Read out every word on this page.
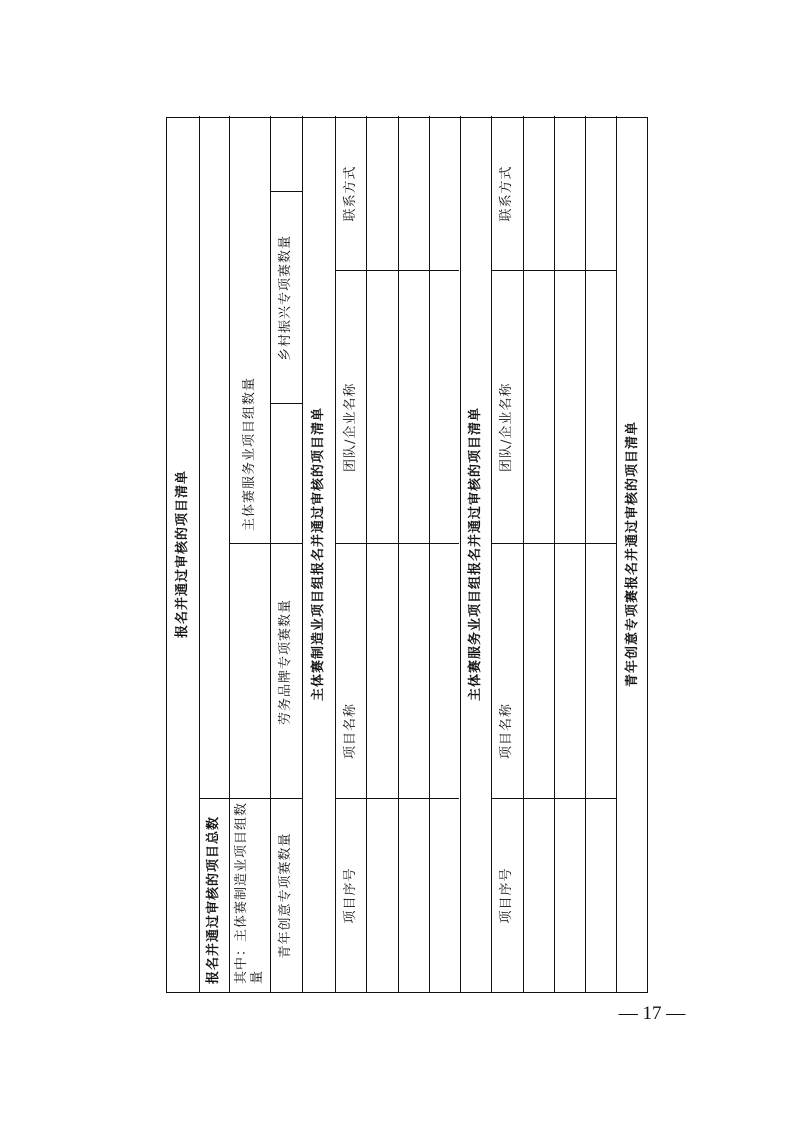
报名并通过审核的项目清单
报名并通过审核的项目总数 其中：主体赛制造业项目组数量
主体赛服务业项目组数量
青年创意专项赛数量
劳务品牌专项赛数量
乡村振兴专项赛数量
主体赛制造业项目组报名并通过审核的项目清单
项目序号
项目名称
团队/企业名称
联系方式
主体赛服务业项目组报名并通过审核的项目清单
项目序号
项目名称
团队/企业名称
联系方式
青年创意专项赛报名并通过审核的项目清单
— 17 —
